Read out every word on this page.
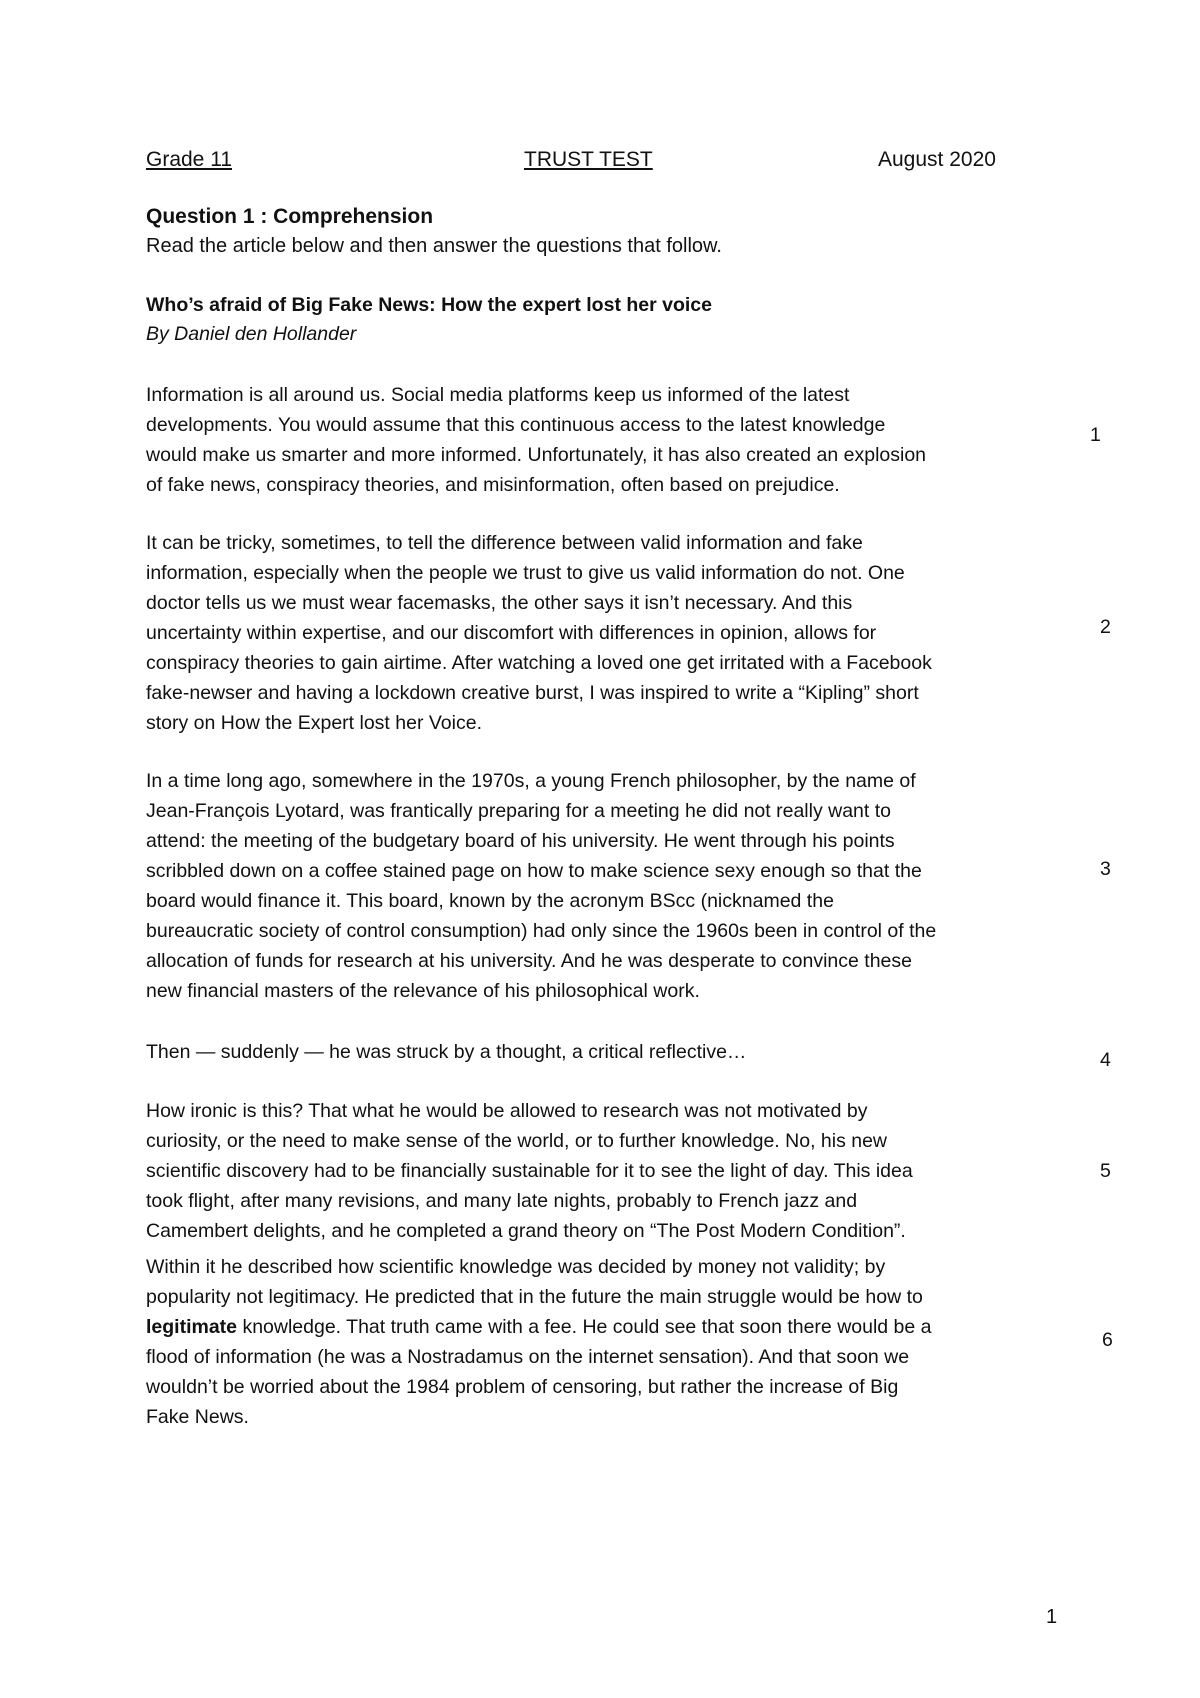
Grade 11	TRUST TEST	August 2020
Question 1 : Comprehension
Read the article below and then answer the questions that follow.
Who’s afraid of Big Fake News: How the expert lost her voice
By Daniel den Hollander
Information is all around us. Social media platforms keep us informed of the latest
developments. You would assume that this continuous access to the latest knowledge
would make us smarter and more informed. Unfortunately, it has also created an explosion
of fake news, conspiracy theories, and misinformation, often based on prejudice.
1
It can be tricky, sometimes, to tell the difference between valid information and fake
information, especially when the people we trust to give us valid information do not. One
doctor tells us we must wear facemasks, the other says it isn’t necessary. And this
uncertainty within expertise, and our discomfort with differences in opinion, allows for
conspiracy theories to gain airtime. After watching a loved one get irritated with a Facebook
fake-newser and having a lockdown creative burst, I was inspired to write a “Kipling” short
story on How the Expert lost her Voice.
2
In a time long ago, somewhere in the 1970s, a young French philosopher, by the name of
Jean-François Lyotard, was frantically preparing for a meeting he did not really want to
attend: the meeting of the budgetary board of his university. He went through his points
scribbled down on a coffee stained page on how to make science sexy enough so that the
board would finance it. This board, known by the acronym BScc (nicknamed the
bureaucratic society of control consumption) had only since the 1960s been in control of the
allocation of funds for research at his university. And he was desperate to convince these
new financial masters of the relevance of his philosophical work.
3
Then — suddenly — he was struck by a thought, a critical reflective…	4
How ironic is this? That what he would be allowed to research was not motivated by
curiosity, or the need to make sense of the world, or to further knowledge. No, his new
scientific discovery had to be financially sustainable for it to see the light of day. This idea
took flight, after many revisions, and many late nights, probably to French jazz and
Camembert delights, and he completed a grand theory on “The Post Modern Condition”.
5
Within it he described how scientific knowledge was decided by money not validity; by
popularity not legitimacy. He predicted that in the future the main struggle would be how to
legitimate knowledge. That truth came with a fee. He could see that soon there would be a
flood of information (he was a Nostradamus on the internet sensation). And that soon we
wouldn’t be worried about the 1984 problem of censoring, but rather the increase of Big
Fake News.
6
1
